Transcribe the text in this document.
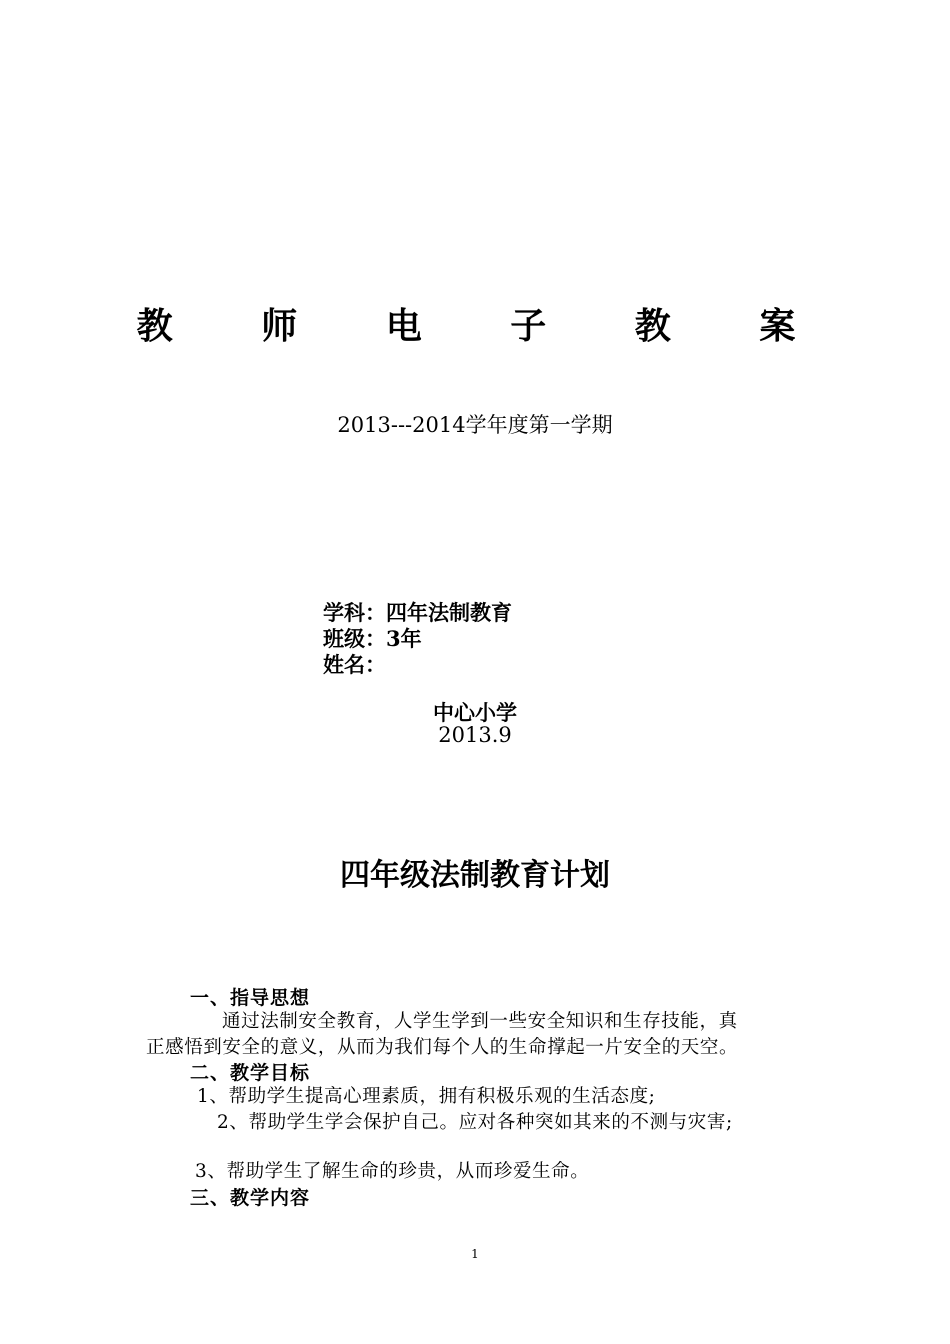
教 师 电 子 教 案
2013---2014学年度第一学期
学科：四年法制教育
班级：3年
姓名：
中心小学
2013.9
四年级法制教育计划
一、指导思想
通过法制安全教育，人学生学到一些安全知识和生存技能，真
正感悟到安全的意义，从而为我们每个人的生命撑起一片安全的天空。
二、教学目标
1、帮助学生提高心理素质，拥有积极乐观的生活态度;
2、帮助学生学会保护自己。应对各种突如其来的不测与灾害;
3、帮助学生了解生命的珍贵，从而珍爱生命。
三、教学内容
1
